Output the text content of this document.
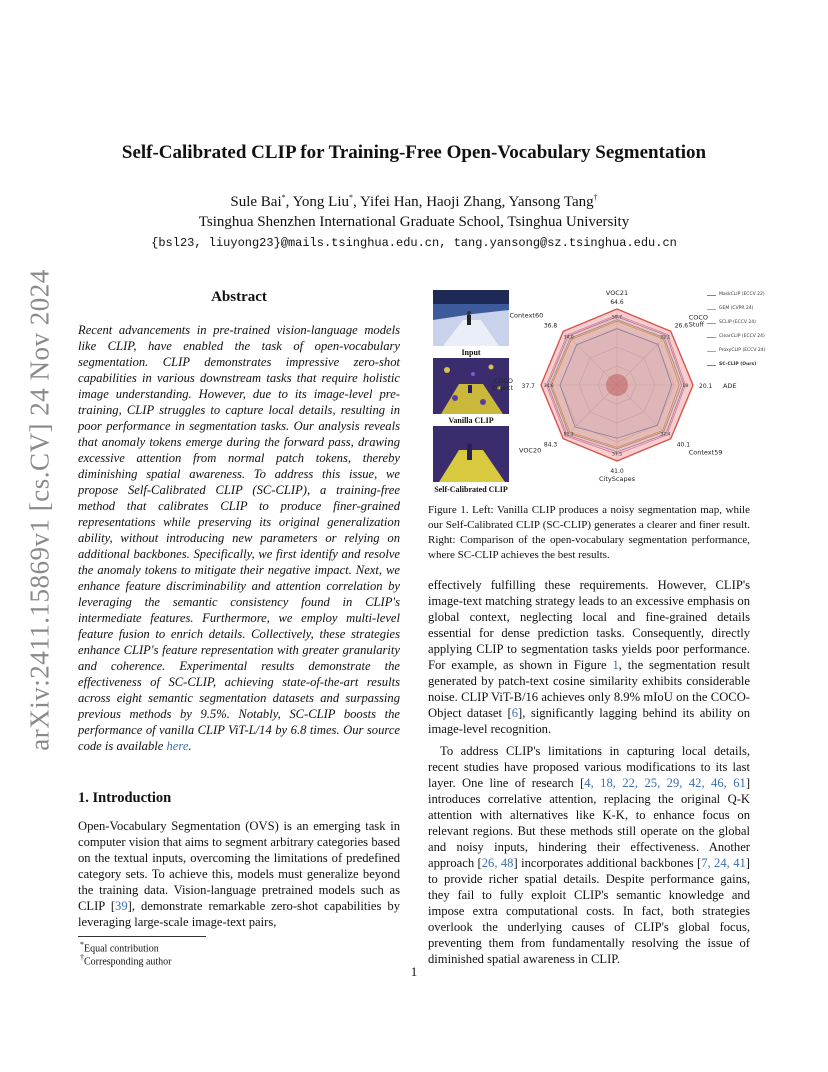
arXiv:2411.15869v1 [cs.CV] 24 Nov 2024
Self-Calibrated CLIP for Training-Free Open-Vocabulary Segmentation
Sule Bai*, Yong Liu*, Yifei Han, Haoji Zhang, Yansong Tang†
Tsinghua Shenzhen International Graduate School, Tsinghua University
{bsl23, liuyong23}@mails.tsinghua.edu.cn, tang.yansong@sz.tsinghua.edu.cn
Abstract
Recent advancements in pre-trained vision-language models like CLIP, have enabled the task of open-vocabulary segmentation. CLIP demonstrates impressive zero-shot capabilities in various downstream tasks that require holistic image understanding. However, due to its image-level pre-training, CLIP struggles to capture local details, resulting in poor performance in segmentation tasks. Our analysis reveals that anomaly tokens emerge during the forward pass, drawing excessive attention from normal patch tokens, thereby diminishing spatial awareness. To address this issue, we propose Self-Calibrated CLIP (SC-CLIP), a training-free method that calibrates CLIP to produce finer-grained representations while preserving its original generalization ability, without introducing new parameters or relying on additional backbones. Specifically, we first identify and resolve the anomaly tokens to mitigate their negative impact. Next, we enhance feature discriminability and attention correlation by leveraging the semantic consistency found in CLIP's intermediate features. Furthermore, we employ multi-level feature fusion to enrich details. Collectively, these strategies enhance CLIP's feature representation with greater granularity and coherence. Experimental results demonstrate the effectiveness of SC-CLIP, achieving state-of-the-art results across eight semantic segmentation datasets and surpassing previous methods by 9.5%. Notably, SC-CLIP boosts the performance of vanilla CLIP ViT-L/14 by 6.8 times. Our source code is available here.
1. Introduction
Open-Vocabulary Segmentation (OVS) is an emerging task in computer vision that aims to segment arbitrary categories based on the textual inputs, overcoming the limitations of predefined category sets. To achieve this, models must generalize beyond the training data. Vision-language pretrained models such as CLIP [39], demonstrate remarkable zero-shot capabilities by leveraging large-scale image-text pairs,
*Equal contribution
†Corresponding author
Input
Vanilla CLIP
Self-Calibrated CLIP
VOC21
COCO Stuff
ADE
Context59
CityScapes
VOC20
COCO Object
Context60
64.6
26.6
20.1
40.1
41.0
84.3
37.7
36.8
59.7
25.1
18
37.4
37.5
81.3
34.6
34.0
MaskCLIP (ECCV 22)
GEM (CVPR 24)
SCLIP (ECCV 24)
ClearCLIP (ECCV 24)
ProxyCLIP (ECCV 24)
SC-CLIP (Ours)
Figure 1. Left: Vanilla CLIP produces a noisy segmentation map, while our Self-Calibrated CLIP (SC-CLIP) generates a clearer and finer result. Right: Comparison of the open-vocabulary segmentation performance, where SC-CLIP achieves the best results.
effectively fulfilling these requirements. However, CLIP's image-text matching strategy leads to an excessive emphasis on global context, neglecting local and fine-grained details essential for dense prediction tasks. Consequently, directly applying CLIP to segmentation tasks yields poor performance. For example, as shown in Figure 1, the segmentation result generated by patch-text cosine similarity exhibits considerable noise. CLIP ViT-B/16 achieves only 8.9% mIoU on the COCO-Object dataset [6], significantly lagging behind its ability on image-level recognition.
To address CLIP's limitations in capturing local details, recent studies have proposed various modifications to its last layer. One line of research [4, 18, 22, 25, 29, 42, 46, 61] introduces correlative attention, replacing the original Q-K attention with alternatives like K-K, to enhance focus on relevant regions. But these methods still operate on the global and noisy inputs, hindering their effectiveness. Another approach [26, 48] incorporates additional backbones [7, 24, 41] to provide richer spatial details. Despite performance gains, they fail to fully exploit CLIP's semantic knowledge and impose extra computational costs. In fact, both strategies overlook the underlying causes of CLIP's global focus, preventing them from fundamentally resolving the issue of diminished spatial awareness in CLIP.
1
